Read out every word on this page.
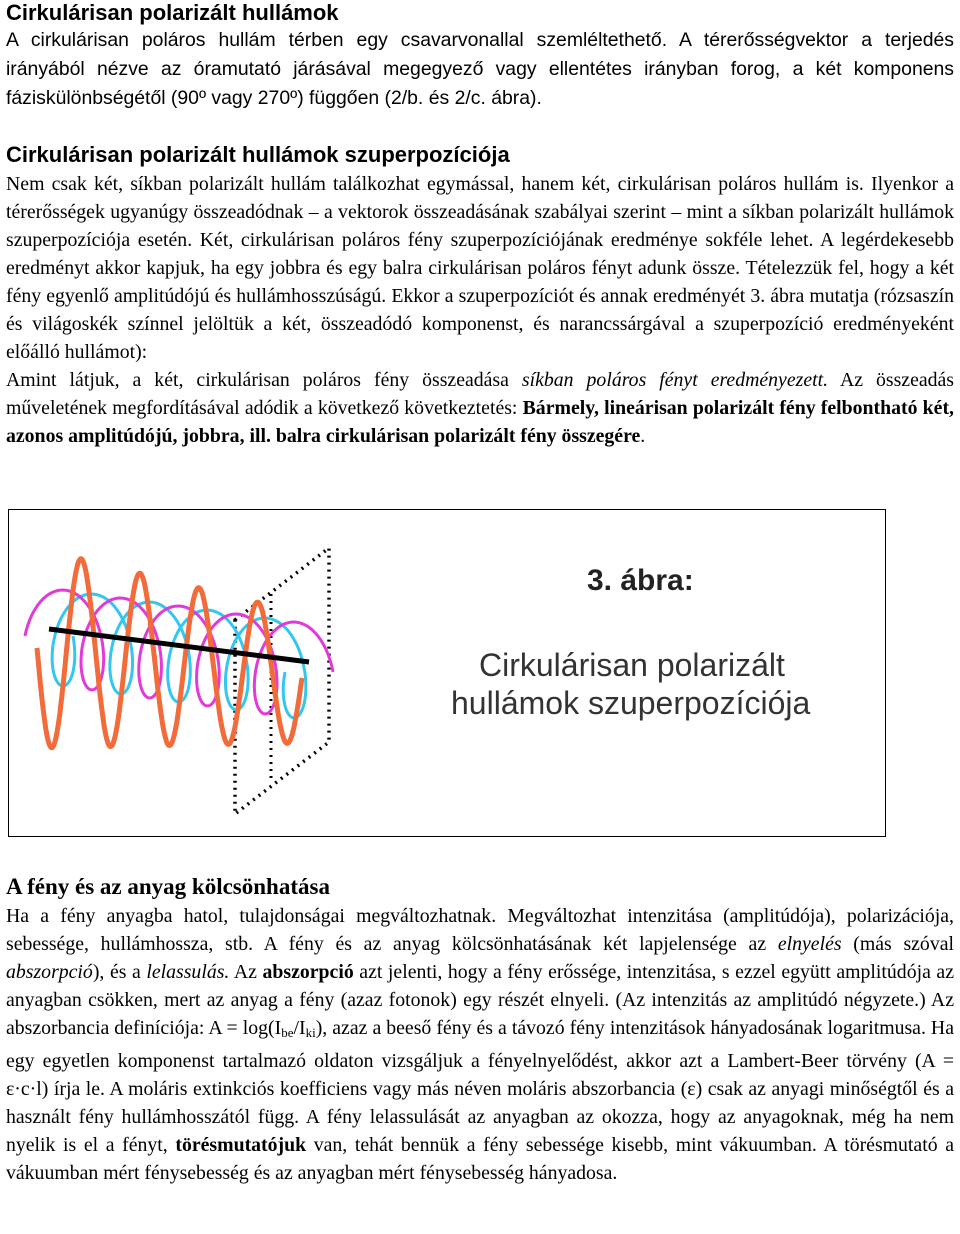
Cirkulárisan polarizált hullámok

A cirkulárisan poláros hullám térben egy csavarvonallal szemléltethető. A térerősségvektor a terjedés irányából nézve az óramutató járásával megegyező vagy ellentétes irányban forog, a két komponens fáziskülönbségétől (90º vagy 270º) függően (2/b. és 2/c. ábra).

Cirkulárisan polarizált hullámok szuperpozíciója

Nem csak két, síkban polarizált hullám találkozhat egymással, hanem két, cirkulárisan poláros hullám is. Ilyenkor a térerősségek ugyanúgy összeadódnak – a vektorok összeadásának szabályai szerint – mint a síkban polarizált hullámok szuperpozíciója esetén. Két, cirkulárisan poláros fény szuperpozíciójának eredménye sokféle lehet. A legérdekesebb eredményt akkor kapjuk, ha egy jobbra és egy balra cirkulárisan poláros fényt adunk össze. Tételezzük fel, hogy a két fény egyenlő amplitúdójú és hullámhosszúságú. Ekkor a szuperpozíciót és annak eredményét 3. ábra mutatja (rózsaszín és világoskék színnel jelöltük a két, összeadódó komponenst, és narancssárgával a szuperpozíció eredményeként előálló hullámot):

Amint látjuk, a két, cirkulárisan poláros fény összeadása síkban poláros fényt eredményezett. Az összeadás műveletének megfordításával adódik a következő következtetés: Bármely, lineárisan polarizált fény felbontható két, azonos amplitúdójú, jobbra, ill. balra cirkulárisan polarizált fény összegére.

3. ábra:
Cirkulárisan polarizált
hullámok szuperpozíciója
A fény és az anyag kölcsönhatása

Ha a fény anyagba hatol, tulajdonságai megváltozhatnak. Megváltozhat intenzitása (amplitúdója), polarizációja, sebessége, hullámhossza, stb. A fény és az anyag kölcsönhatásának két lapjelensége az elnyelés (más szóval abszorpció), és a lelassulás. Az abszorpció azt jelenti, hogy a fény erőssége, intenzitása, s ezzel együtt amplitúdója az anyagban csökken, mert az anyag a fény (azaz fotonok) egy részét elnyeli. (Az intenzitás az amplitúdó négyzete.) Az abszorbancia definíciója: $A = \log(I_{be}/I_{ki})$, azaz a beeső fény és a távozó fény intenzitások hányadosának logaritmusa. Ha egy egyetlen komponenst tartalmazó oldaton vizsgáljuk a fényelnyelődést, akkor azt a Lambert-Beer törvény (A = ε·c·l) írja le. A moláris extinkciós koefficiens vagy más néven moláris abszorbancia (ε) csak az anyagi minőségtől és a használt fény hullámhosszától függ. A fény lelassulását az anyagban az okozza, hogy az anyagoknak, még ha nem nyelik is el a fényt, törésmutatójuk van, tehát bennük a fény sebessége kisebb, mint vákuumban. A törésmutató a vákuumban mért fénysebesség és az anyagban mért fénysebesség hányadosa.
